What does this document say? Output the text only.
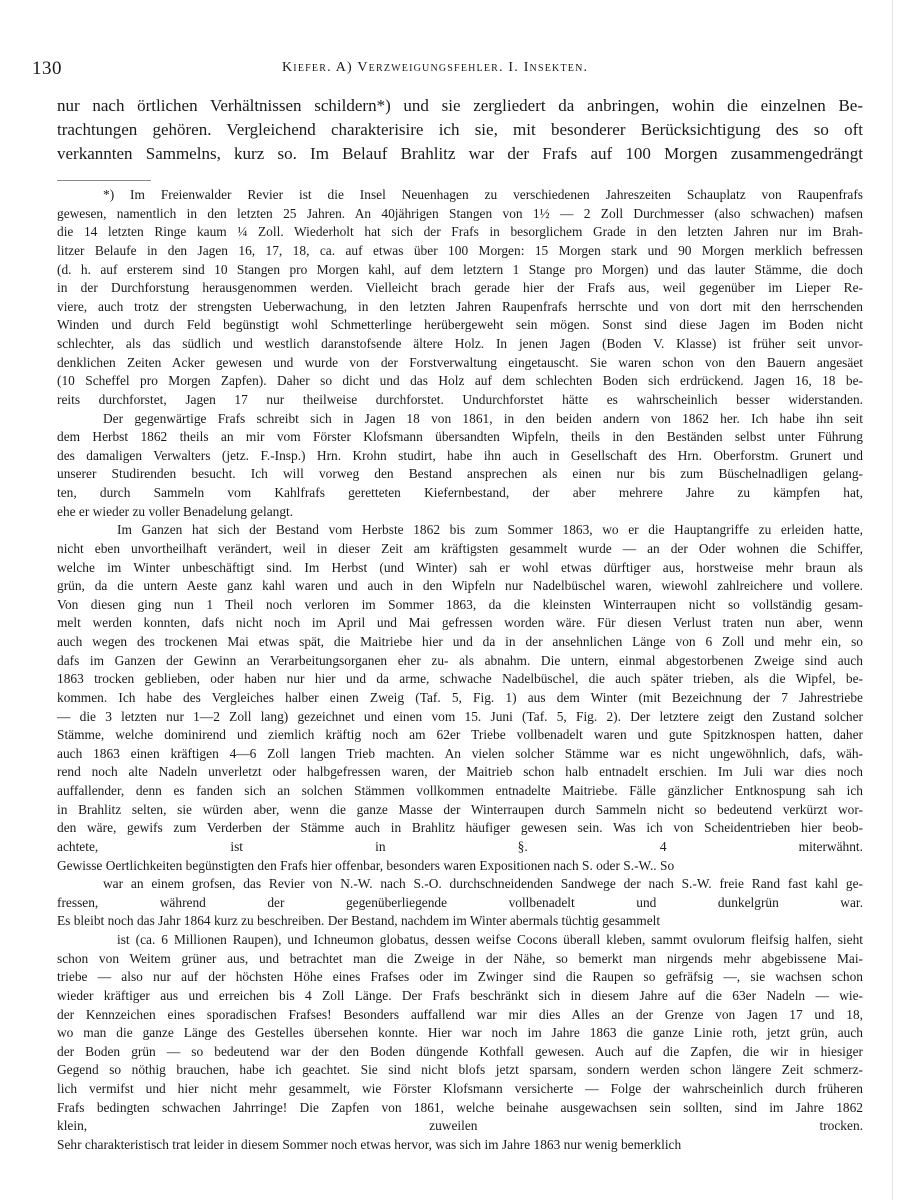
130	Kiefer. A) Verzweigungsfehler. I. Insekten.
nur nach örtlichen Verhältnissen schildern*) und sie zergliedert da anbringen, wohin die einzelnen Be-
trachtungen gehören. Vergleichend charakterisire ich sie, mit besonderer Berücksichtigung des so oft
verkannten Sammelns, kurz so. Im Belauf Brahlitz war der Frafs auf 100 Morgen zusammengedrängt
*) Im Freienwalder Revier ist die Insel Neuenhagen zu verschiedenen Jahreszeiten Schauplatz von Raupenfrafs
gewesen, namentlich in den letzten 25 Jahren. An 40jährigen Stangen von 1½ — 2 Zoll Durchmesser (also schwachen) mafsen
die 14 letzten Ringe kaum ¼ Zoll. Wiederholt hat sich der Frafs in besorglichem Grade in den letzten Jahren nur im Brah-
litzer Belaufe in den Jagen 16, 17, 18, ca. auf etwas über 100 Morgen: 15 Morgen stark und 90 Morgen merklich befressen
(d. h. auf ersterem sind 10 Stangen pro Morgen kahl, auf dem letztern 1 Stange pro Morgen) und das lauter Stämme, die doch
in der Durchforstung herausgenommen werden. Vielleicht brach gerade hier der Frafs aus, weil gegenüber im Lieper Re-
viere, auch trotz der strengsten Ueberwachung, in den letzten Jahren Raupenfrafs herrschte und von dort mit den herrschenden
Winden und durch Feld begünstigt wohl Schmetterlinge herübergeweht sein mögen. Sonst sind diese Jagen im Boden nicht
schlechter, als das südlich und westlich daranstofsende ältere Holz. In jenen Jagen (Boden V. Klasse) ist früher seit unvor-
denklichen Zeiten Acker gewesen und wurde von der Forstverwaltung eingetauscht. Sie waren schon von den Bauern angesäet
(10 Scheffel pro Morgen Zapfen). Daher so dicht und das Holz auf dem schlechten Boden sich erdrückend. Jagen 16, 18 be-
reits durchforstet, Jagen 17 nur theilweise durchforstet. Undurchforstet hätte es wahrscheinlich besser widerstanden.
Der gegenwärtige Frafs schreibt sich in Jagen 18 von 1861, in den beiden andern von 1862 her. Ich habe ihn seit
dem Herbst 1862 theils an mir vom Förster Klofsmann übersandten Wipfeln, theils in den Beständen selbst unter Führung
des damaligen Verwalters (jetz. F.-Insp.) Hrn. Krohn studirt, habe ihn auch in Gesellschaft des Hrn. Oberforstm. Grunert und
unserer Studirenden besucht. Ich will vorweg den Bestand ansprechen als einen nur bis zum Büschelnadligen gelang-
ten, durch Sammeln vom Kahlfrafs geretteten Kiefernbestand, der aber mehrere Jahre zu kämpfen hat,
ehe er wieder zu voller Benadelung gelangt.
Im Ganzen hat sich der Bestand vom Herbste 1862 bis zum Sommer 1863, wo er die Hauptangriffe zu erleiden hatte,
nicht eben unvortheilhaft verändert, weil in dieser Zeit am kräftigsten gesammelt wurde — an der Oder wohnen die Schiffer,
welche im Winter unbeschäftigt sind. Im Herbst (und Winter) sah er wohl etwas dürftiger aus, horstweise mehr braun als
grün, da die untern Aeste ganz kahl waren und auch in den Wipfeln nur Nadelbüschel waren, wiewohl zahlreichere und vollere.
Von diesen ging nun 1 Theil noch verloren im Sommer 1863, da die kleinsten Winterraupen nicht so vollständig gesam-
melt werden konnten, dafs nicht noch im April und Mai gefressen worden wäre. Für diesen Verlust traten nun aber, wenn
auch wegen des trockenen Mai etwas spät, die Maitriebe hier und da in der ansehnlichen Länge von 6 Zoll und mehr ein, so
dafs im Ganzen der Gewinn an Verarbeitungsorganen eher zu- als abnahm. Die untern, einmal abgestorbenen Zweige sind auch
1863 trocken geblieben, oder haben nur hier und da arme, schwache Nadelbüschel, die auch später trieben, als die Wipfel, be-
kommen. Ich habe des Vergleiches halber einen Zweig (Taf. 5, Fig. 1) aus dem Winter (mit Bezeichnung der 7 Jahrestriebe
— die 3 letzten nur 1—2 Zoll lang) gezeichnet und einen vom 15. Juni (Taf. 5, Fig. 2). Der letztere zeigt den Zustand solcher
Stämme, welche dominirend und ziemlich kräftig noch am 62er Triebe vollbenadelt waren und gute Spitzknospen hatten, daher
auch 1863 einen kräftigen 4—6 Zoll langen Trieb machten. An vielen solcher Stämme war es nicht ungewöhnlich, dafs, wäh-
rend noch alte Nadeln unverletzt oder halbgefressen waren, der Maitrieb schon halb entnadelt erschien. Im Juli war dies noch
auffallender, denn es fanden sich an solchen Stämmen vollkommen entnadelte Maitriebe. Fälle gänzlicher Entknospung sah ich
in Brahlitz selten, sie würden aber, wenn die ganze Masse der Winterraupen durch Sammeln nicht so bedeutend verkürzt wor-
den wäre, gewifs zum Verderben der Stämme auch in Brahlitz häufiger gewesen sein. Was ich von Scheidentrieben hier beob-
achtete, ist in §. 4 miterwähnt.
Gewisse Oertlichkeiten begünstigten den Frafs hier offenbar, besonders waren Expositionen nach S. oder S.-W.. So
war an einem grofsen, das Revier von N.-W. nach S.-O. durchschneidenden Sandwege der nach S.-W. freie Rand fast kahl ge-
fressen, während der gegenüberliegende vollbenadelt und dunkelgrün war.
Es bleibt noch das Jahr 1864 kurz zu beschreiben. Der Bestand, nachdem im Winter abermals tüchtig gesammelt
ist (ca. 6 Millionen Raupen), und Ichneumon globatus, dessen weifse Cocons überall kleben, sammt ovulorum fleifsig halfen, sieht
schon von Weitem grüner aus, und betrachtet man die Zweige in der Nähe, so bemerkt man nirgends mehr abgebissene Mai-
triebe — also nur auf der höchsten Höhe eines Frafses oder im Zwinger sind die Raupen so gefräfsig —, sie wachsen schon
wieder kräftiger aus und erreichen bis 4 Zoll Länge. Der Frafs beschränkt sich in diesem Jahre auf die 63er Nadeln — wie-
der Kennzeichen eines sporadischen Frafses! Besonders auffallend war mir dies Alles an der Grenze von Jagen 17 und 18,
wo man die ganze Länge des Gestelles übersehen konnte. Hier war noch im Jahre 1863 die ganze Linie roth, jetzt grün, auch
der Boden grün — so bedeutend war der den Boden düngende Kothfall gewesen. Auch auf die Zapfen, die wir in hiesiger
Gegend so nöthig brauchen, habe ich geachtet. Sie sind nicht blofs jetzt sparsam, sondern werden schon längere Zeit schmerz-
lich vermifst und hier nicht mehr gesammelt, wie Förster Klofsmann versicherte — Folge der wahrscheinlich durch früheren
Frafs bedingten schwachen Jahrringe! Die Zapfen von 1861, welche beinahe ausgewachsen sein sollten, sind im Jahre 1862
klein, zuweilen trocken.
Sehr charakteristisch trat leider in diesem Sommer noch etwas hervor, was sich im Jahre 1863 nur wenig bemerklich
